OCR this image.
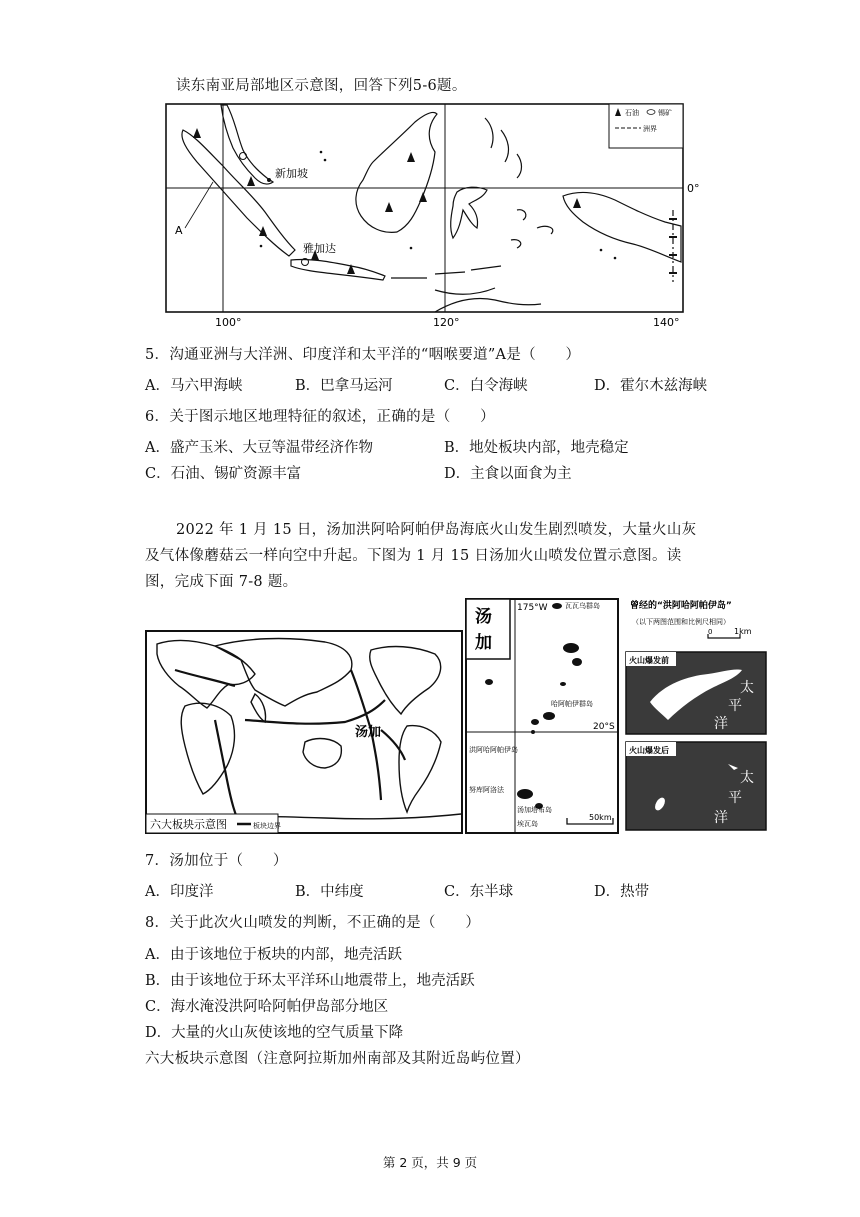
读东南亚局部地区示意图，回答下列5-6题。
新加坡
雅加达
A
石油	锡矿
洲界
0°
100°	120°	140°
5．沟通亚洲与大洋洲、印度洋和太平洋的“咽喉要道”A是（　　）
A．马六甲海峡	B．巴拿马运河	C．白令海峡	D．霍尔木兹海峡
6．关于图示地区地理特征的叙述，正确的是（　　）
A．盛产玉米、大豆等温带经济作物	B．地处板块内部，地壳稳定
C．石油、锡矿资源丰富	D．主食以面食为主
2022 年 1 月 15 日，汤加洪阿哈阿帕伊岛海底火山发生剧烈喷发，大量火山灰
及气体像蘑菇云一样向空中升起。下图为 1 月 15 日汤加火山喷发位置示意图。读
图，完成下面 7-8 题。
汤加
六大板块示意图	板块边界
汤
加
175°W
20°S
瓦瓦乌群岛
哈阿帕伊群岛
洪阿哈阿帕伊岛
努库阿洛法
汤加塔布岛
埃瓦岛
50km
曾经的“洪阿哈阿帕伊岛”
（以下两图范围和比例尺相同）
0	1km
火山爆发前
太
平
洋
火山爆发后
太
平
洋
7．汤加位于（　　）
A．印度洋	B．中纬度	C．东半球	D．热带
8．关于此次火山喷发的判断，不正确的是（　　）
A．由于该地位于板块的内部，地壳活跃
B．由于该地位于环太平洋环山地震带上，地壳活跃
C．海水淹没洪阿哈阿帕伊岛部分地区
D．大量的火山灰使该地的空气质量下降
六大板块示意图（注意阿拉斯加州南部及其附近岛屿位置）
第 2 页，共 9 页
